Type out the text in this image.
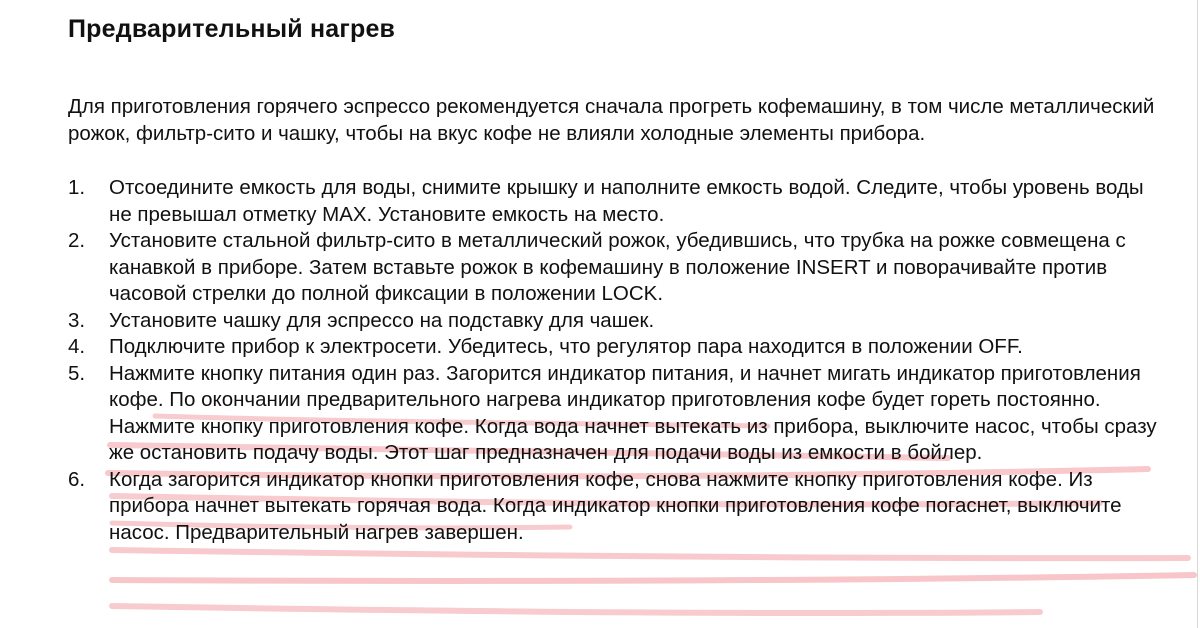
Предварительный нагрев

Для приготовления горячего эспрессо рекомендуется сначала прогреть кофемашину, в том числе металлический рожок, фильтр-сито и чашку, чтобы на вкус кофе не влияли холодные элементы прибора.

1.	Отсоедините емкость для воды, снимите крышку и наполните емкость водой. Следите, чтобы уровень воды не превышал отметку MAX. Установите емкость на место.
2.	Установите стальной фильтр-сито в металлический рожок, убедившись, что трубка на рожке совмещена с канавкой в приборе. Затем вставьте рожок в кофемашину в положение INSERT и поворачивайте против часовой стрелки до полной фиксации в положении LOCK.
3.	Установите чашку для эспрессо на подставку для чашек.
4.	Подключите прибор к электросети. Убедитесь, что регулятор пара находится в положении OFF.
5.	Нажмите кнопку питания один раз. Загорится индикатор питания, и начнет мигать индикатор приготовления кофе. По окончании предварительного нагрева индикатор приготовления кофе будет гореть постоянно. Нажмите кнопку приготовления кофе. Когда вода начнет вытекать из прибора, выключите насос, чтобы сразу же остановить подачу воды. Этот шаг предназначен для подачи воды из емкости в бойлер.
6.	Когда загорится индикатор кнопки приготовления кофе, снова нажмите кнопку приготовления кофе. Из прибора начнет вытекать горячая вода. Когда индикатор кнопки приготовления кофе погаснет, выключите насос. Предварительный нагрев завершен.
